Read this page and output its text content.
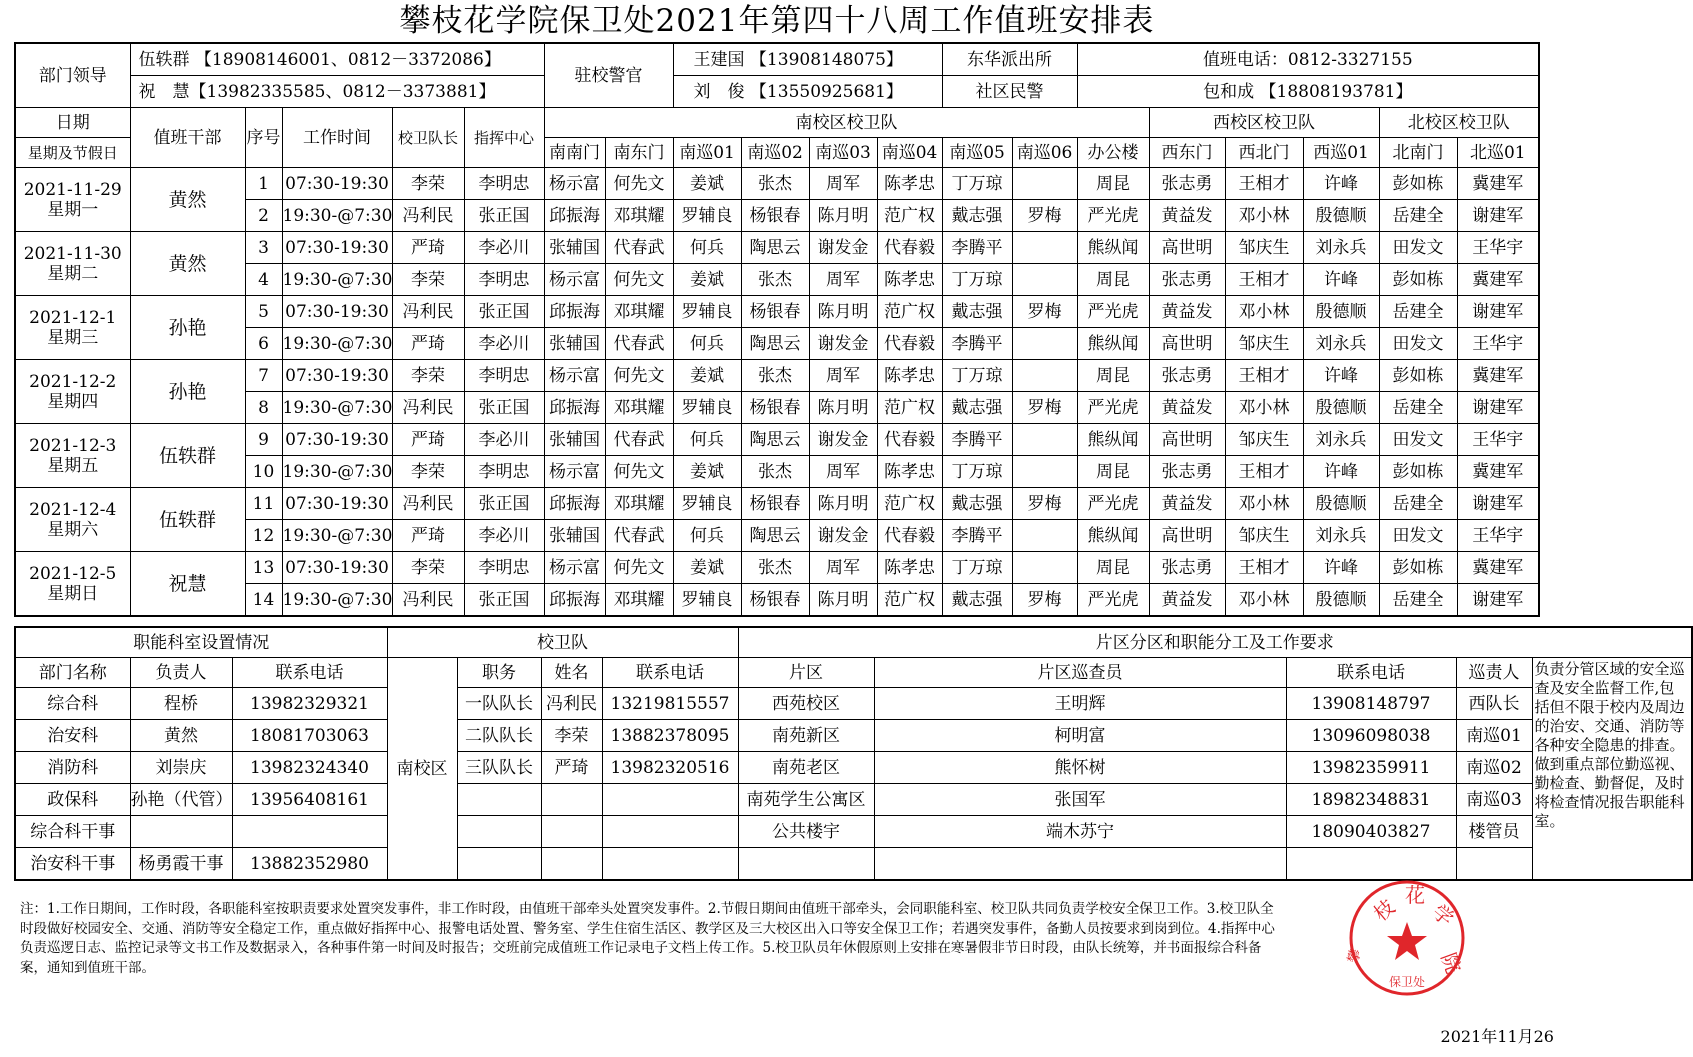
攀枝花学院保卫处2021年第四十八周工作值班安排表
部门领导	伍轶群 【18908146001、0812－3372086】					驻校警官		王建国 【13908148075】				东华派出所		值班电话：0812-3327155					
	祝　慧【13982335585、0812－3373881】							刘　俊 【13550925681】				社区民警		包和成 【18808193781】					
日期	值班干部	序号	工作时间	校卫队长	指挥中心	南校区校卫队									西校区校卫队			北校区校卫队	
星期及节假日						南南门	南东门	南巡01	南巡02	南巡03	南巡04	南巡05	南巡06	办公楼	西东门	西北门	西巡01	北南门	北巡01

2021-11-29
星期一	黄然	1	07:30-19:30	李荣	李明忠	杨示富	何先文	姜斌	张杰	周军	陈孝忠	丁万琼		周昆	张志勇	王相才	许峰	彭如栋	冀建军
		2	19:30-@7:30	冯利民	张正国	邱振海	邓琪耀	罗辅良	杨银春	陈月明	范广权	戴志强	罗梅	严光虎	黄益发	邓小林	殷德顺	岳建全	谢建军

2021-11-30
星期二	黄然	3	07:30-19:30	严琦	李必川	张辅国	代春武	何兵	陶思云	谢发金	代春毅	李腾平		熊纵闻	高世明	邹庆生	刘永兵	田发文	王华宇
		4	19:30-@7:30	李荣	李明忠	杨示富	何先文	姜斌	张杰	周军	陈孝忠	丁万琼		周昆	张志勇	王相才	许峰	彭如栋	冀建军

2021-12-1
星期三	孙艳	5	07:30-19:30	冯利民	张正国	邱振海	邓琪耀	罗辅良	杨银春	陈月明	范广权	戴志强	罗梅	严光虎	黄益发	邓小林	殷德顺	岳建全	谢建军
		6	19:30-@7:30	严琦	李必川	张辅国	代春武	何兵	陶思云	谢发金	代春毅	李腾平		熊纵闻	高世明	邹庆生	刘永兵	田发文	王华宇

2021-12-2
星期四	孙艳	7	07:30-19:30	李荣	李明忠	杨示富	何先文	姜斌	张杰	周军	陈孝忠	丁万琼		周昆	张志勇	王相才	许峰	彭如栋	冀建军
		8	19:30-@7:30	冯利民	张正国	邱振海	邓琪耀	罗辅良	杨银春	陈月明	范广权	戴志强	罗梅	严光虎	黄益发	邓小林	殷德顺	岳建全	谢建军

2021-12-3
星期五	伍轶群	9	07:30-19:30	严琦	李必川	张辅国	代春武	何兵	陶思云	谢发金	代春毅	李腾平		熊纵闻	高世明	邹庆生	刘永兵	田发文	王华宇
		10	19:30-@7:30	李荣	李明忠	杨示富	何先文	姜斌	张杰	周军	陈孝忠	丁万琼		周昆	张志勇	王相才	许峰	彭如栋	冀建军

2021-12-4
星期六	伍轶群	11	07:30-19:30	冯利民	张正国	邱振海	邓琪耀	罗辅良	杨银春	陈月明	范广权	戴志强	罗梅	严光虎	黄益发	邓小林	殷德顺	岳建全	谢建军
		12	19:30-@7:30	严琦	李必川	张辅国	代春武	何兵	陶思云	谢发金	代春毅	李腾平		熊纵闻	高世明	邹庆生	刘永兵	田发文	王华宇

2021-12-5
星期日	祝慧	13	07:30-19:30	李荣	李明忠	杨示富	何先文	姜斌	张杰	周军	陈孝忠	丁万琼		周昆	张志勇	王相才	许峰	彭如栋	冀建军
		14	19:30-@7:30	冯利民	张正国	邱振海	邓琪耀	罗辅良	杨银春	陈月明	范广权	戴志强	罗梅	严光虎	黄益发	邓小林	殷德顺	岳建全	谢建军
职能科室设置情况			校卫队				片区分区和职能分工及工作要求				
部门名称	负责人	联系电话	南校区	职务	姓名	联系电话	片区	片区巡查员	联系电话	巡责人	负责分管区域的安全巡查及安全监督工作,包括但不限于校内及周边的治安、交通、消防等各种安全隐患的排查。做到重点部位勤巡视、勤检查、勤督促，及时将检查情况报告职能科室。
综合科	程桥	13982329321		一队队长	冯利民	13219815557	西苑校区	王明辉	13908148797	西队长	
治安科	黄然	18081703063		二队队长	李荣	13882378095	南苑新区	柯明富	13096098038	南巡01	
消防科	刘崇庆	13982324340		三队队长	严琦	13982320516	南苑老区	熊怀树	13982359911	南巡02	
政保科	孙艳（代管）	13956408161					南苑学生公寓区	张国军	18982348831	南巡03	
综合科干事							公共楼宇	端木苏宁	18090403827	楼管员	
治安科干事	杨勇霞干事	13882352980									
注：1.工作日期间，工作时段，各职能科室按职责要求处置突发事件，非工作时段，由值班干部牵头处置突发事件。2.节假日期间由值班干部牵头，会同职能科室、校卫队共同负责学校安全保卫工作。3.校卫队全时段做好校园安全、交通、消防等安全稳定工作，重点做好指挥中心、报警电话处置、警务室、学生住宿生活区、教学区及三大校区出入口等安全保卫工作；若遇突发事件，备勤人员按要求到岗到位。4.指挥中心负责巡逻日志、监控记录等文书工作及数据录入，各种事件第一时间及时报告；交班前完成值班工作记录电子文档上传工作。5.校卫队员年休假原则上安排在寒暑假非节日时段，由队长统筹，并书面报综合科备案，通知到值班干部。
枝 花
学
院
攀
保卫处
2021年11月26
